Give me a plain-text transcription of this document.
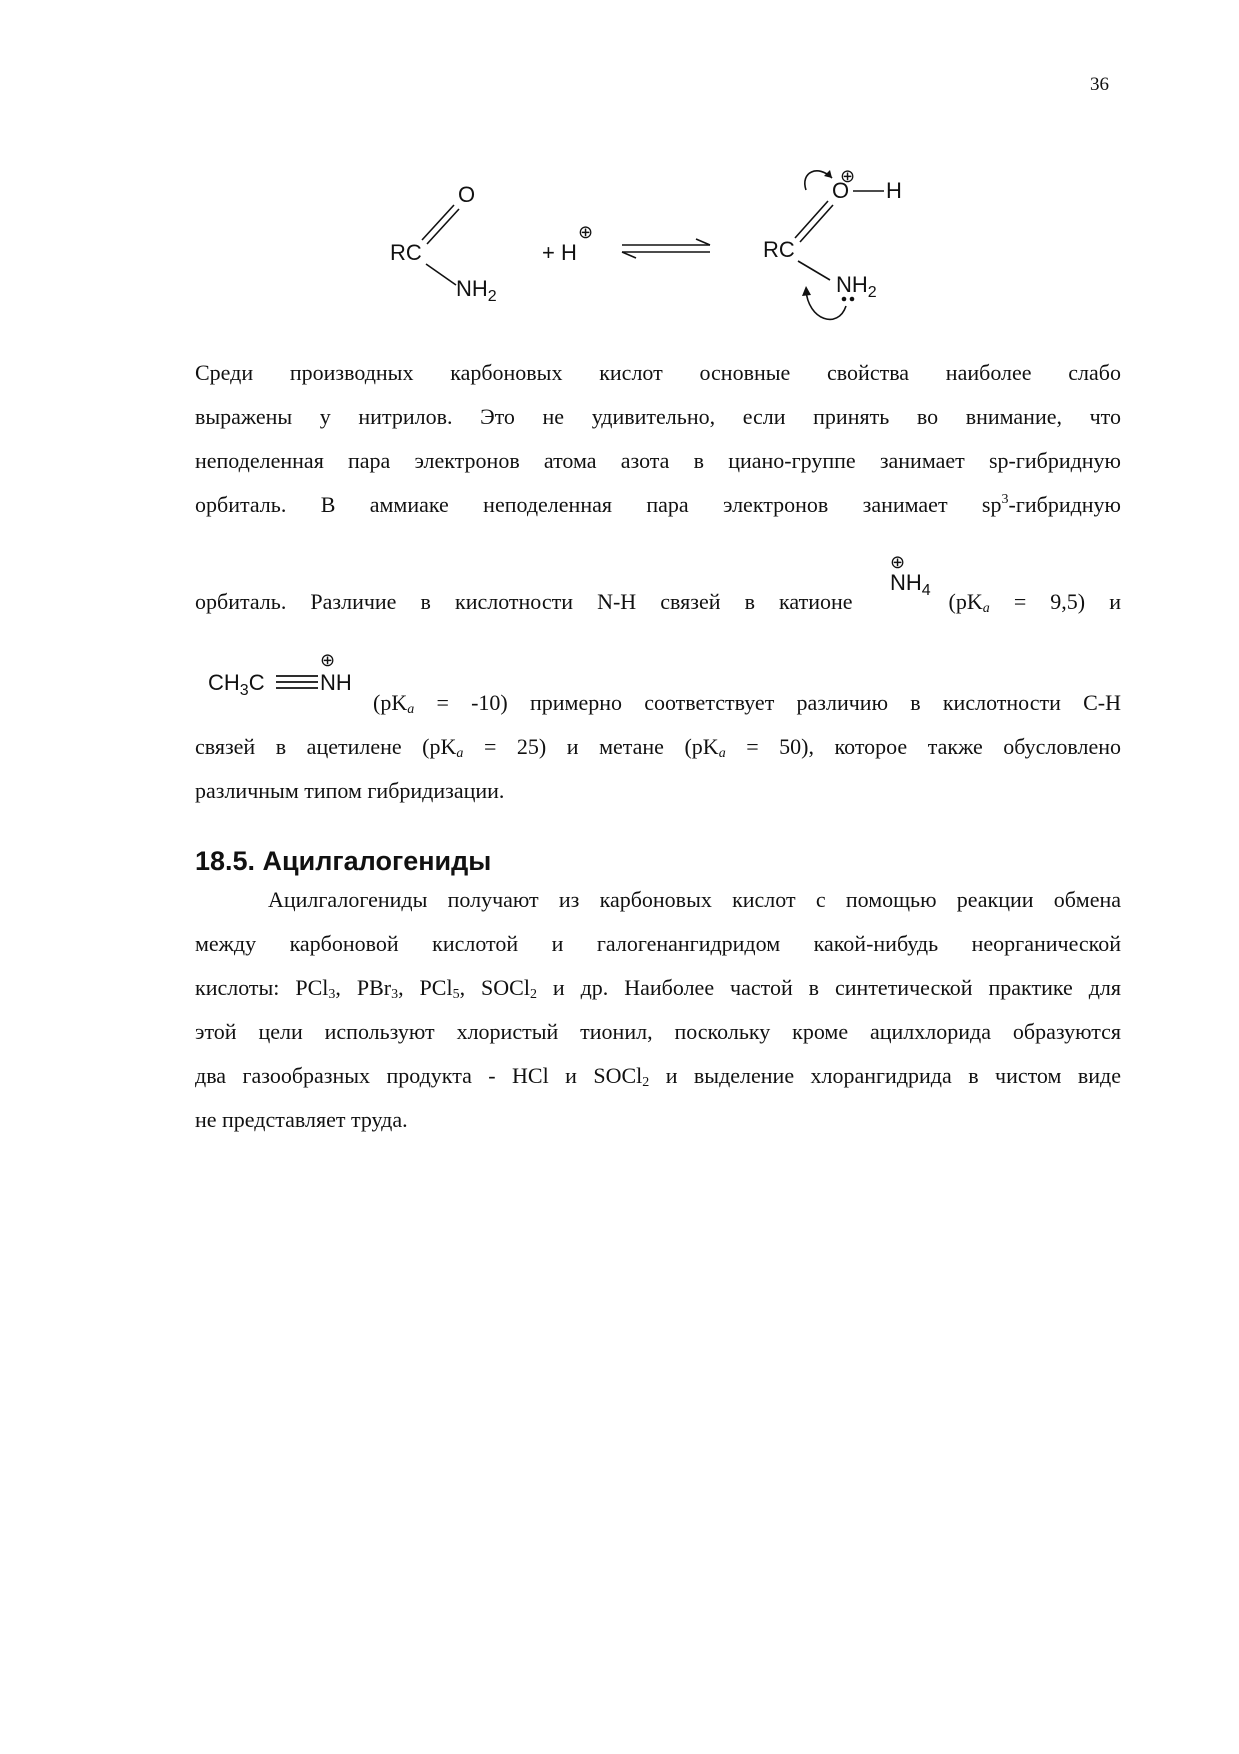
36
RC
O
$NH_2$
+ H
⊕
RC
O
⊕
H
$NH_2$
Среди производных карбоновых кислот основные свойства наиболее слабо
выражены у нитрилов. Это не удивительно, если принять во внимание, что
неподеленная пара электронов атома азота в циано-группе занимает sp-гибридную
орбиталь. В аммиаке неподеленная пара электронов занимает $sp^3$-гибридную
орбиталь. Различие в кислотности N-H связей в катионе	$(pK_a = 9,5)$ и
⊕
$NH_4$
$CH_3C$	NH
⊕
$(pK_a = -10)$ примерно соответствует различию в кислотности C-H
связей в ацетилене $(pK_a = 25)$ и метане $(pK_a = 50)$, которое также обусловлено
различным типом гибридизации.
18.5. Ацилгалогениды
Ацилгалогениды получают из карбоновых кислот с помощью реакции обмена
между карбоновой кислотой и галогенангидридом какой-нибудь неорганической
кислоты: PCl$_3$, PBr$_3$, PCl$_5$, SOCl$_2$ и др. Наиболее частой в синтетической практике для
этой цели используют хлористый тионил, поскольку кроме ацилхлорида образуются
два газообразных продукта - HCl и SOCl$_2$ и выделение хлорангидрида в чистом виде
не представляет труда.
